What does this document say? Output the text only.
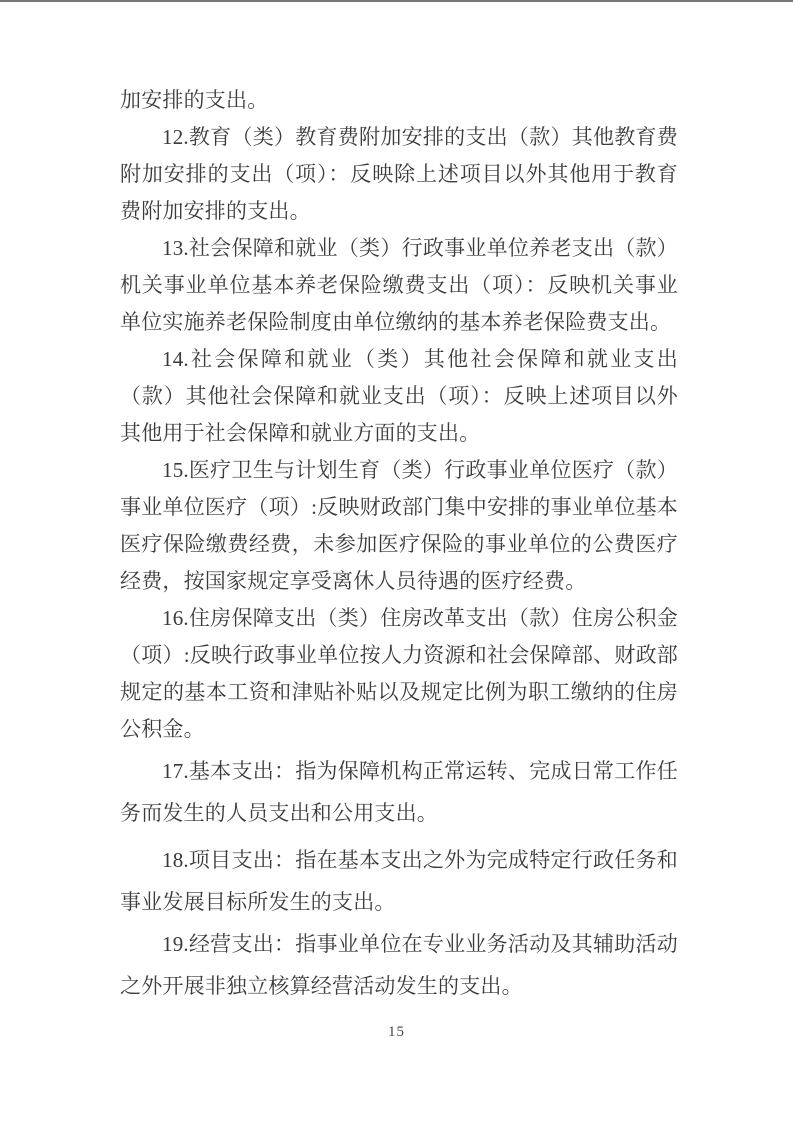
加安排的支出。

12.教育（类）教育费附加安排的支出（款）其他教育费附加安排的支出（项）：反映除上述项目以外其他用于教育费附加安排的支出。

13.社会保障和就业（类）行政事业单位养老支出（款）机关事业单位基本养老保险缴费支出（项）：反映机关事业单位实施养老保险制度由单位缴纳的基本养老保险费支出。

14.社会保障和就业（类）其他社会保障和就业支出（款）其他社会保障和就业支出（项）：反映上述项目以外其他用于社会保障和就业方面的支出。

15.医疗卫生与计划生育（类）行政事业单位医疗（款）事业单位医疗（项）:反映财政部门集中安排的事业单位基本医疗保险缴费经费，未参加医疗保险的事业单位的公费医疗经费，按国家规定享受离休人员待遇的医疗经费。

16.住房保障支出（类）住房改革支出（款）住房公积金（项）:反映行政事业单位按人力资源和社会保障部、财政部规定的基本工资和津贴补贴以及规定比例为职工缴纳的住房公积金。

17.基本支出：指为保障机构正常运转、完成日常工作任务而发生的人员支出和公用支出。

18.项目支出：指在基本支出之外为完成特定行政任务和事业发展目标所发生的支出。

19.经营支出：指事业单位在专业业务活动及其辅助活动之外开展非独立核算经营活动发生的支出。

15
